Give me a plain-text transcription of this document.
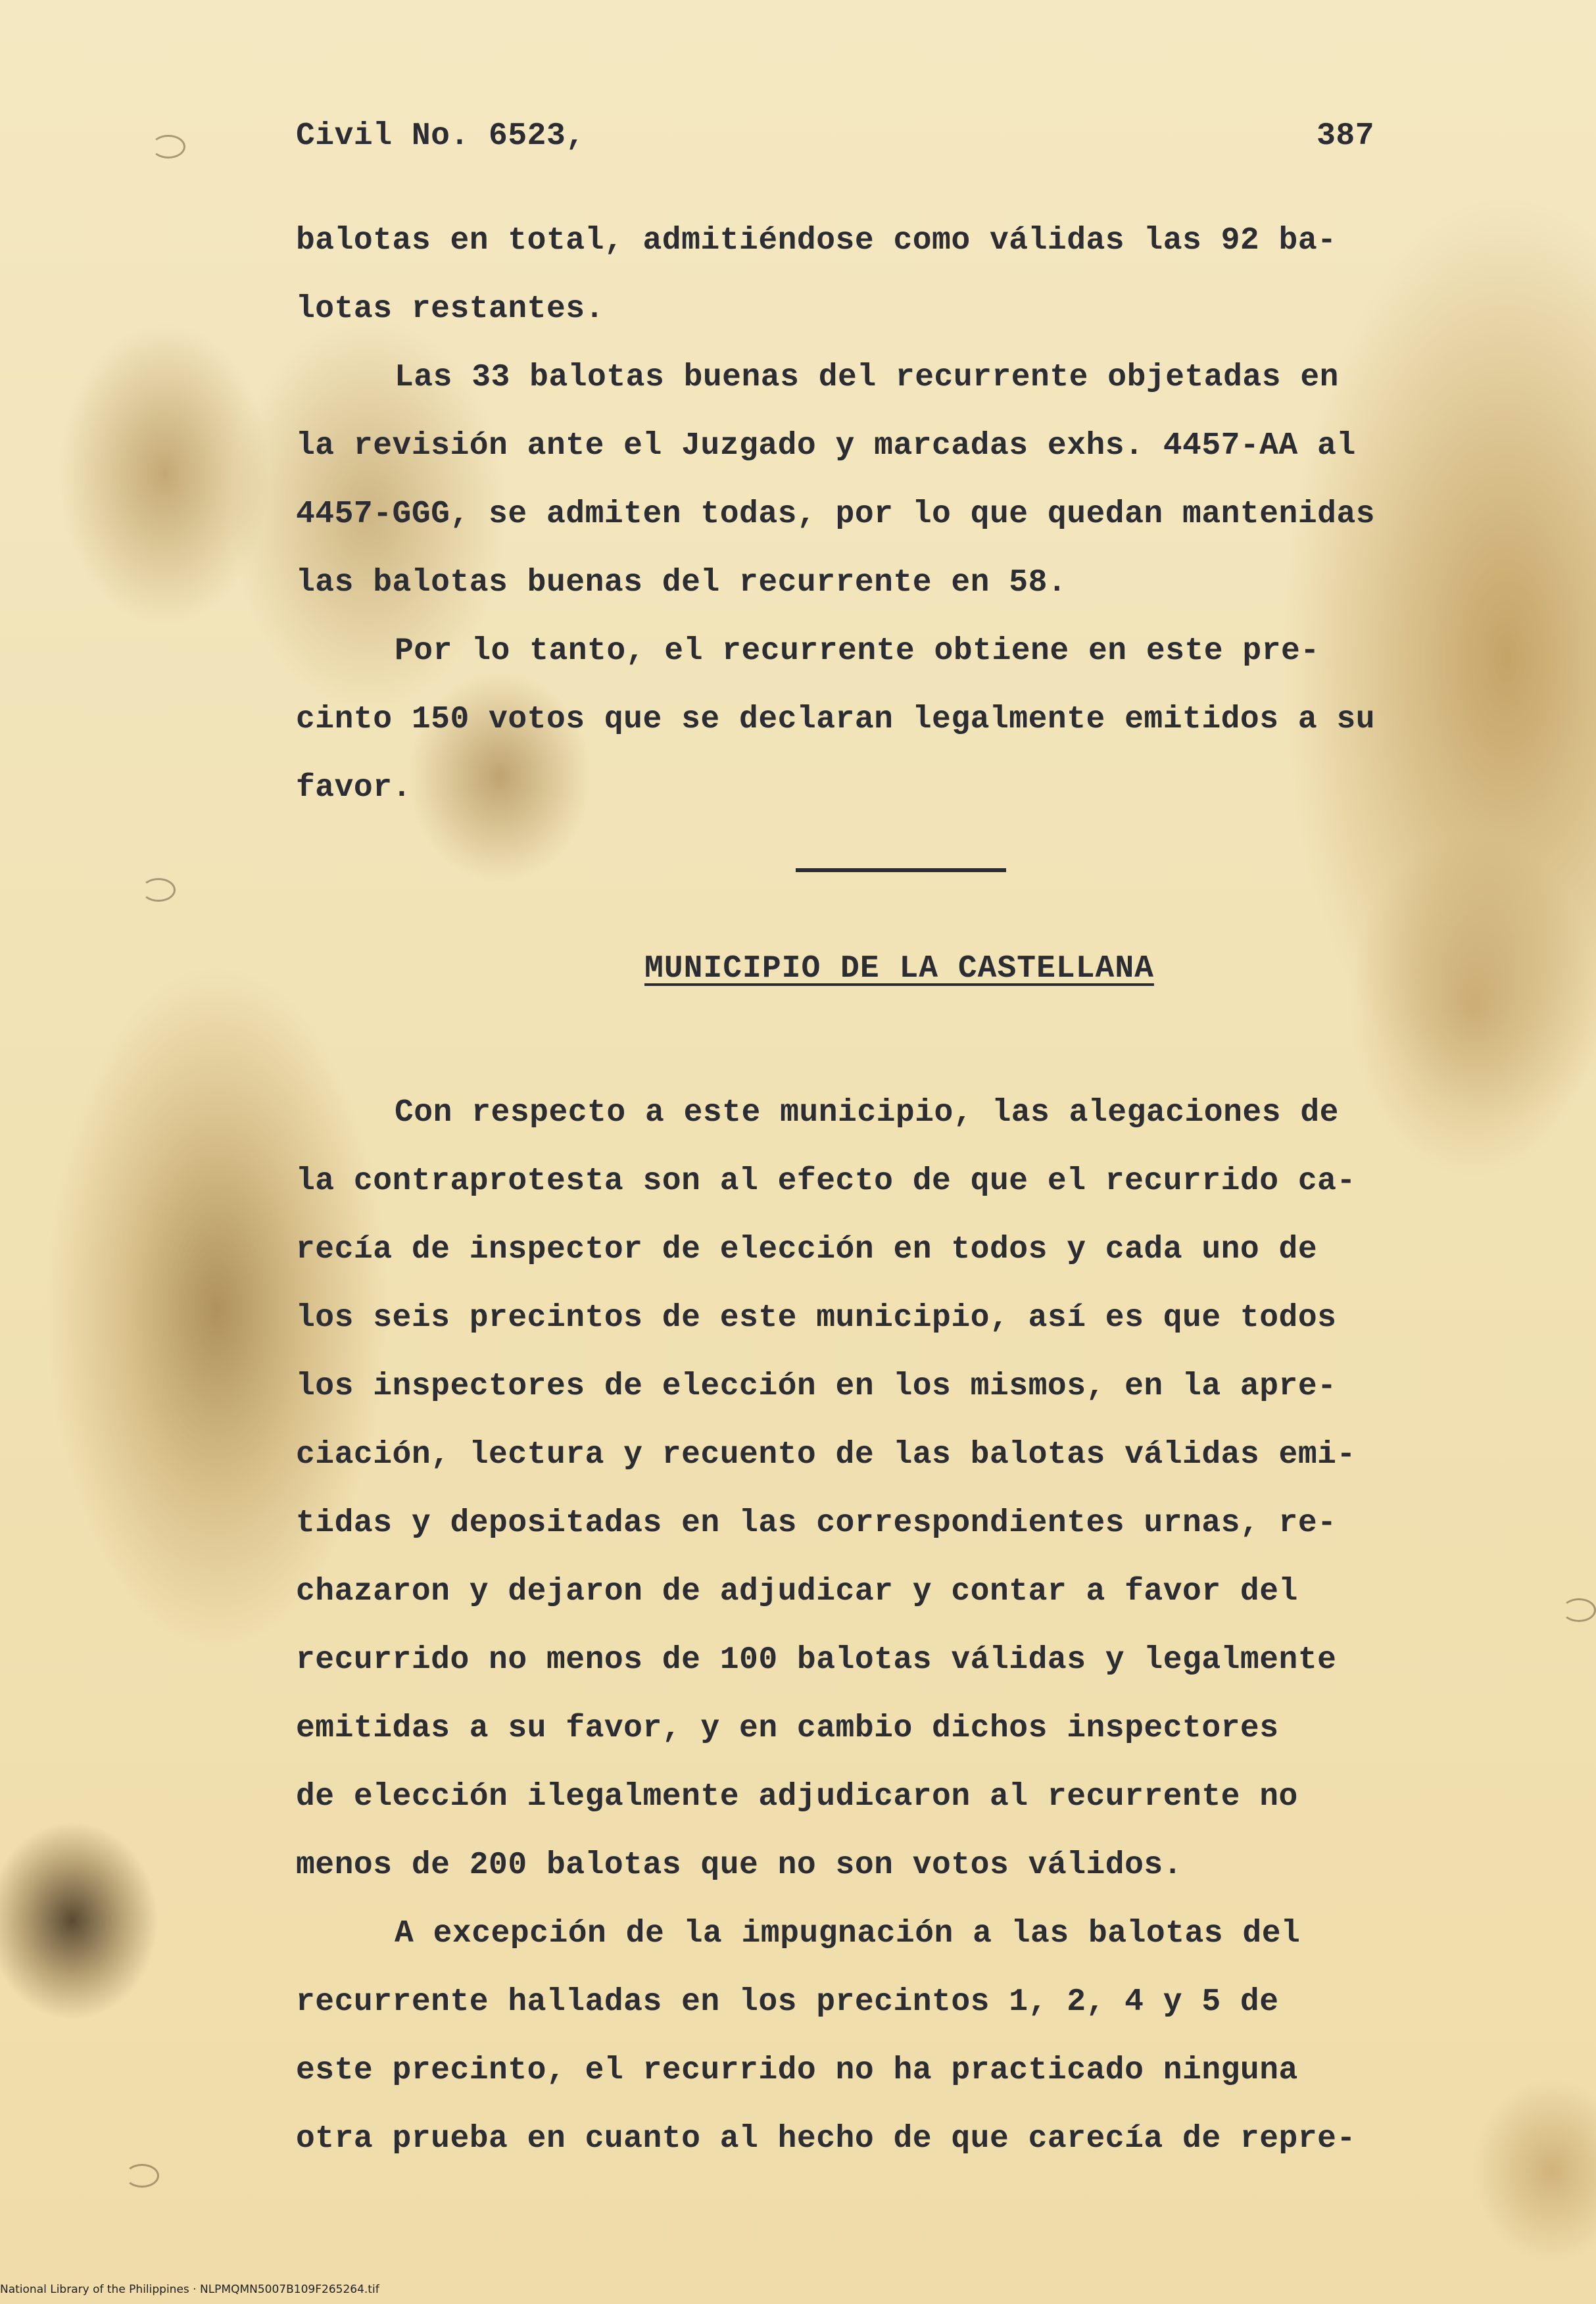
Civil No. 6523,	387
balotas en total, admitiéndose como válidas las 92 ba-
lotas restantes.
Las 33 balotas buenas del recurrente objetadas en
la revisión ante el Juzgado y marcadas exhs. 4457-AA al
4457-GGG, se admiten todas, por lo que quedan mantenidas
las balotas buenas del recurrente en 58.
Por lo tanto, el recurrente obtiene en este pre-
cinto 150 votos que se declaran legalmente emitidos a su
favor.
MUNICIPIO DE LA CASTELLANA
Con respecto a este municipio, las alegaciones de
la contraprotesta son al efecto de que el recurrido ca-
recía de inspector de elección en todos y cada uno de
los seis precintos de este municipio, así es que todos
los inspectores de elección en los mismos, en la apre-
ciación, lectura y recuento de las balotas válidas emi-
tidas y depositadas en las correspondientes urnas, re-
chazaron y dejaron de adjudicar y contar a favor del
recurrido no menos de 100 balotas válidas y legalmente
emitidas a su favor, y en cambio dichos inspectores
de elección ilegalmente adjudicaron al recurrente no
menos de 200 balotas que no son votos válidos.
A excepción de la impugnación a las balotas del
recurrente halladas en los precintos 1, 2, 4 y 5 de
este precinto, el recurrido no ha practicado ninguna
otra prueba en cuanto al hecho de que carecía de repre-
National Library of the Philippines · NLPMQMN5007B109F265264.tif
